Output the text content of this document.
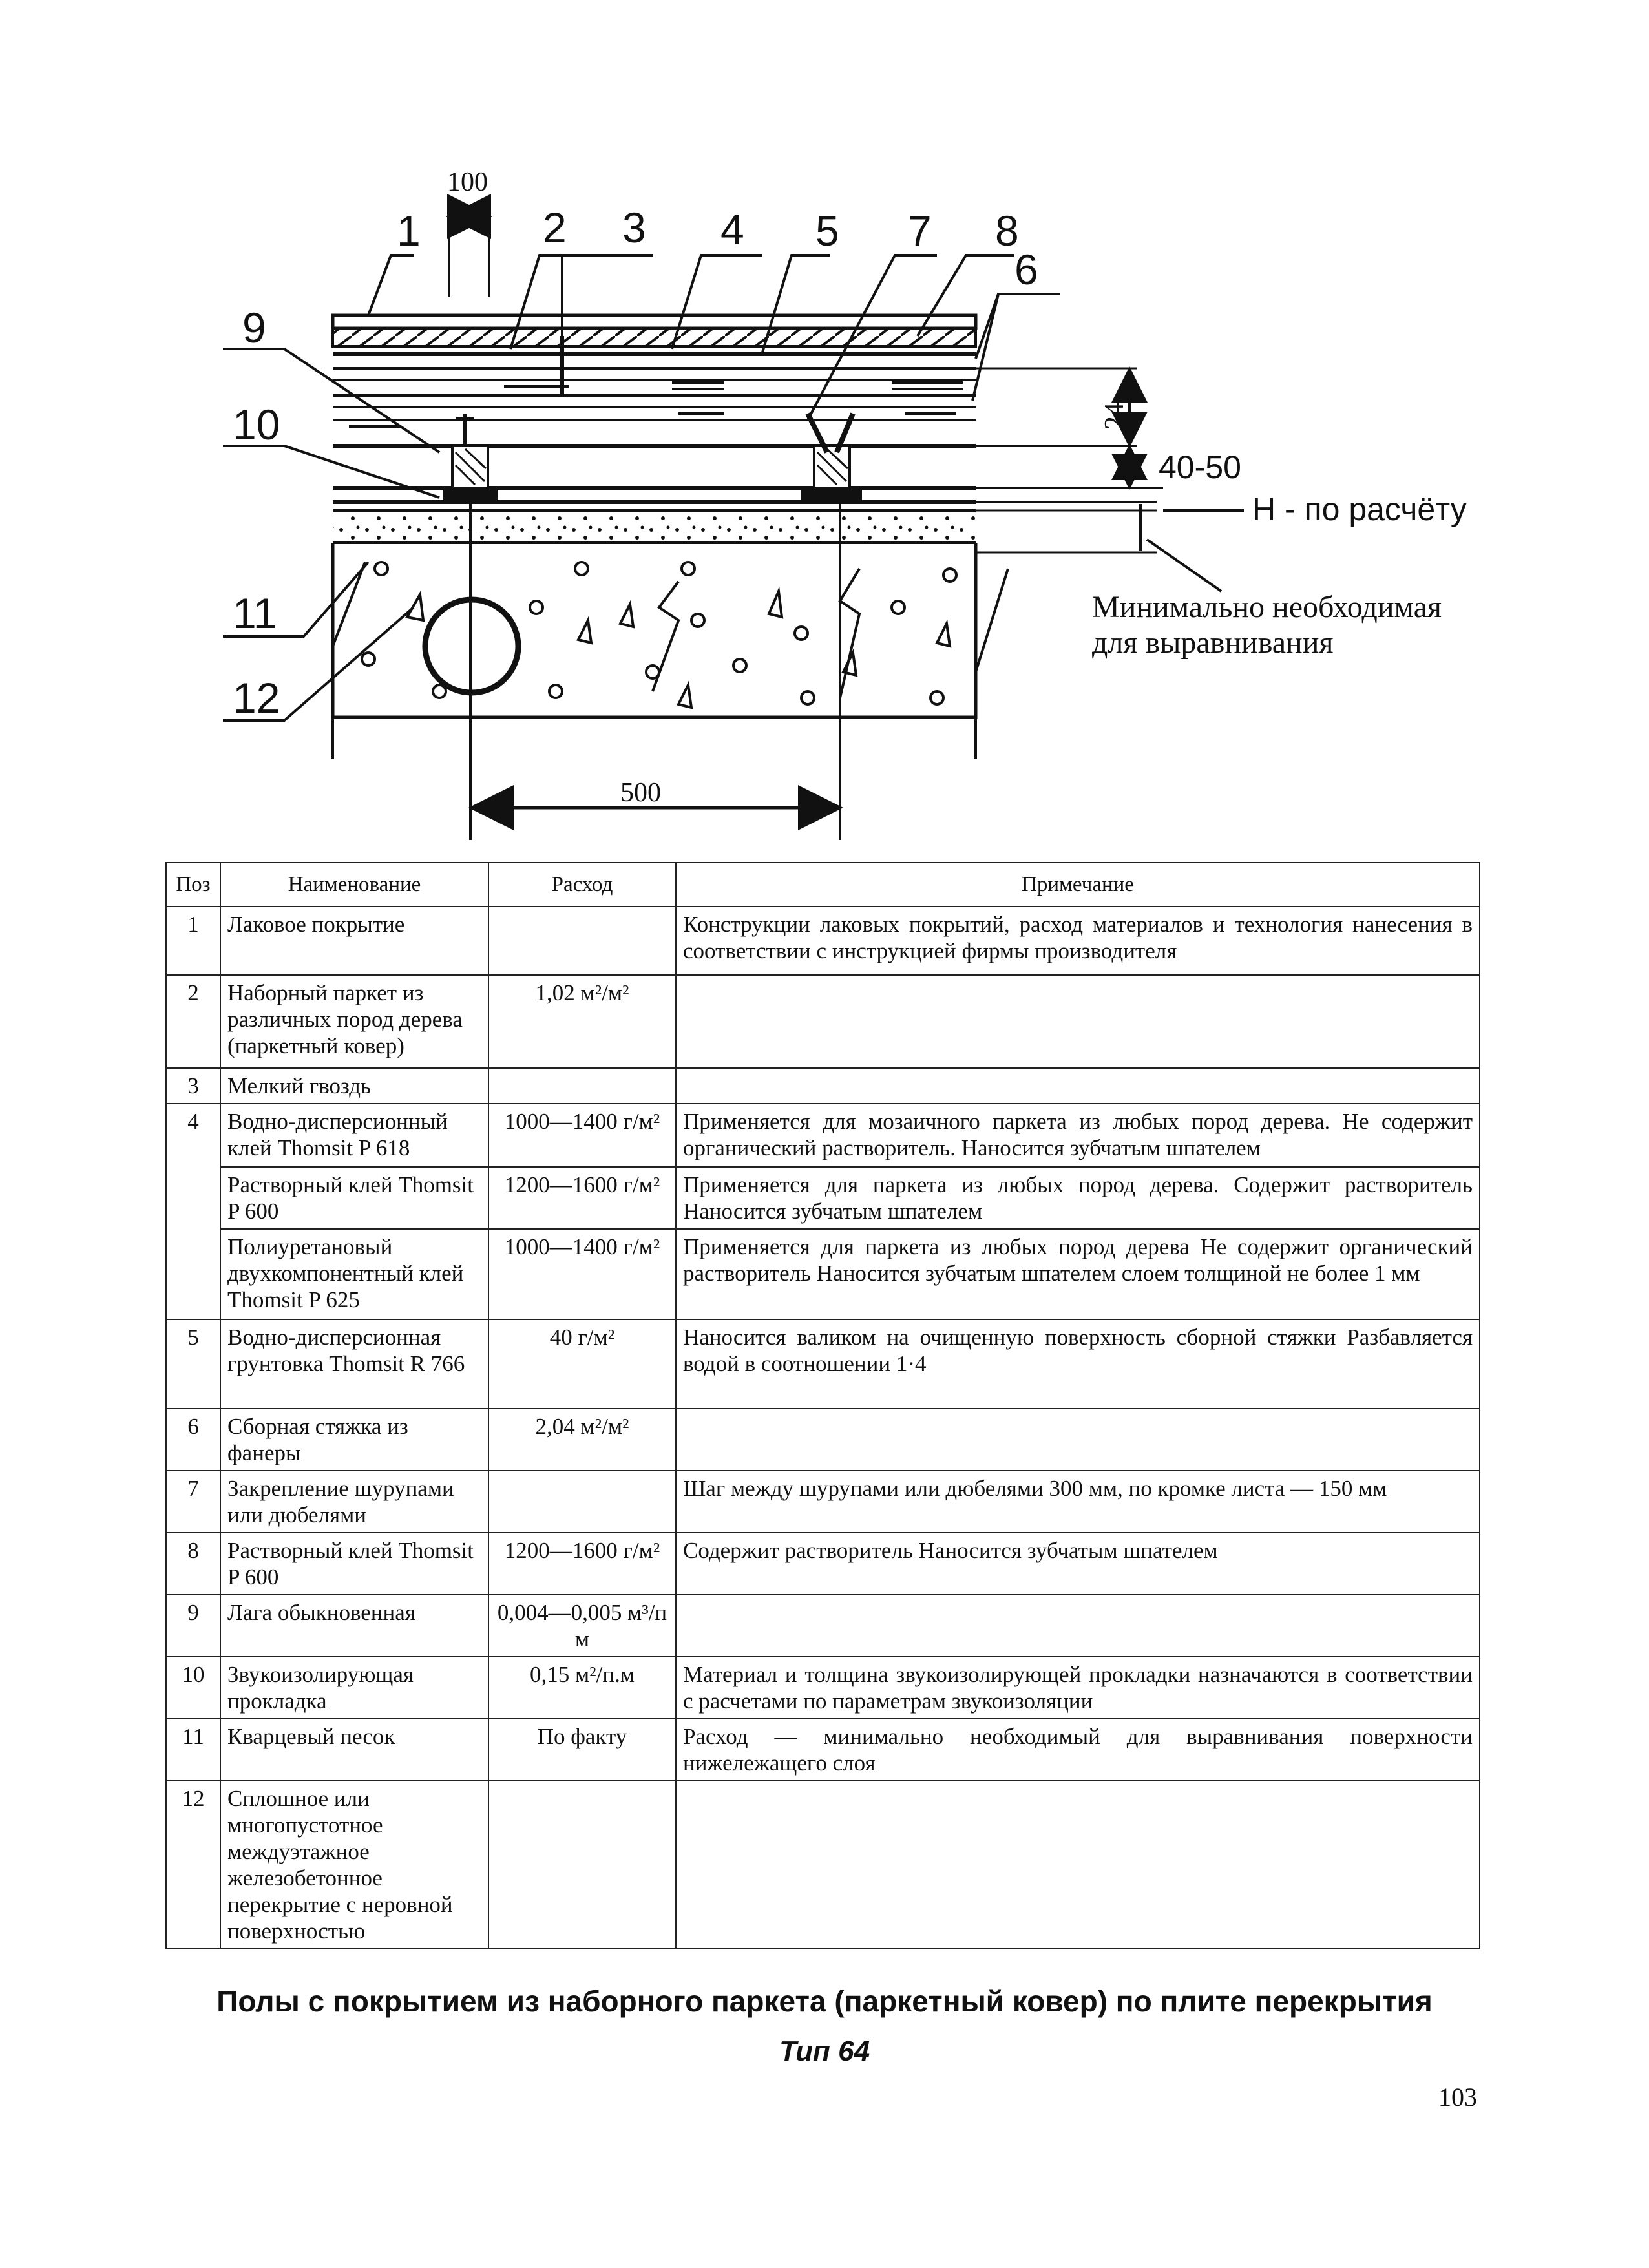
100
500
24
40-50
Н - по расчёту
Минимально необходимая
для выравнивания
1	2 3 4 5 7 8
6
9
10
11
12
Поз	Наименование	Расход	Примечание
1	Лаковое покрытие		Конструкции лаковых покрытий, расход материалов и технология нанесения в соответствии с инструкцией фирмы производителя
2	Наборный паркет из различных пород дерева (паркетный ковер)	1,02 м²/м²	
3	Мелкий гвоздь		
4	Водно-дисперсионный клей Thomsit P 618	1000—1400 г/м²	Применяется для мозаичного паркета из любых пород дерева. Не содержит органический растворитель. Наносится зубчатым шпателем
	Растворный клей Thomsit P 600	1200—1600 г/м²	Применяется для паркета из любых пород дерева. Содержит растворитель Наносится зубчатым шпателем
	Полиуретановый двухкомпонентный клей Thomsit P 625	1000—1400 г/м²	Применяется для паркета из любых пород дерева Не содержит органический растворитель Наносится зубчатым шпателем слоем толщиной не более 1 мм
5	Водно-дисперсионная грунтовка Thomsit R 766	40 г/м²	Наносится валиком на очищенную поверхность сборной стяжки Разбавляется водой в соотношении 1·4
6	Сборная стяжка из фанеры	2,04 м²/м²	
7	Закрепление шурупами или дюбелями		Шаг между шурупами или дюбелями 300 мм, по кромке листа — 150 мм
8	Растворный клей Thomsit P 600	1200—1600 г/м²	Содержит растворитель Наносится зубчатым шпателем
9	Лага обыкновенная	0,004—0,005 м³/п м	
10	Звукоизолирующая прокладка	0,15 м²/п.м	Материал и толщина звукоизолирующей прокладки назначаются в соответствии с расчетами по параметрам звукоизоляции
11	Кварцевый песок	По факту	Расход — минимально необходимый для выравнивания поверхности нижележащего слоя
12	Сплошное или многопустотное междуэтажное железобетонное перекрытие с неровной поверхностью		
Полы с покрытием из наборного паркета (паркетный ковер) по плите перекрытия
Тип 64
103
